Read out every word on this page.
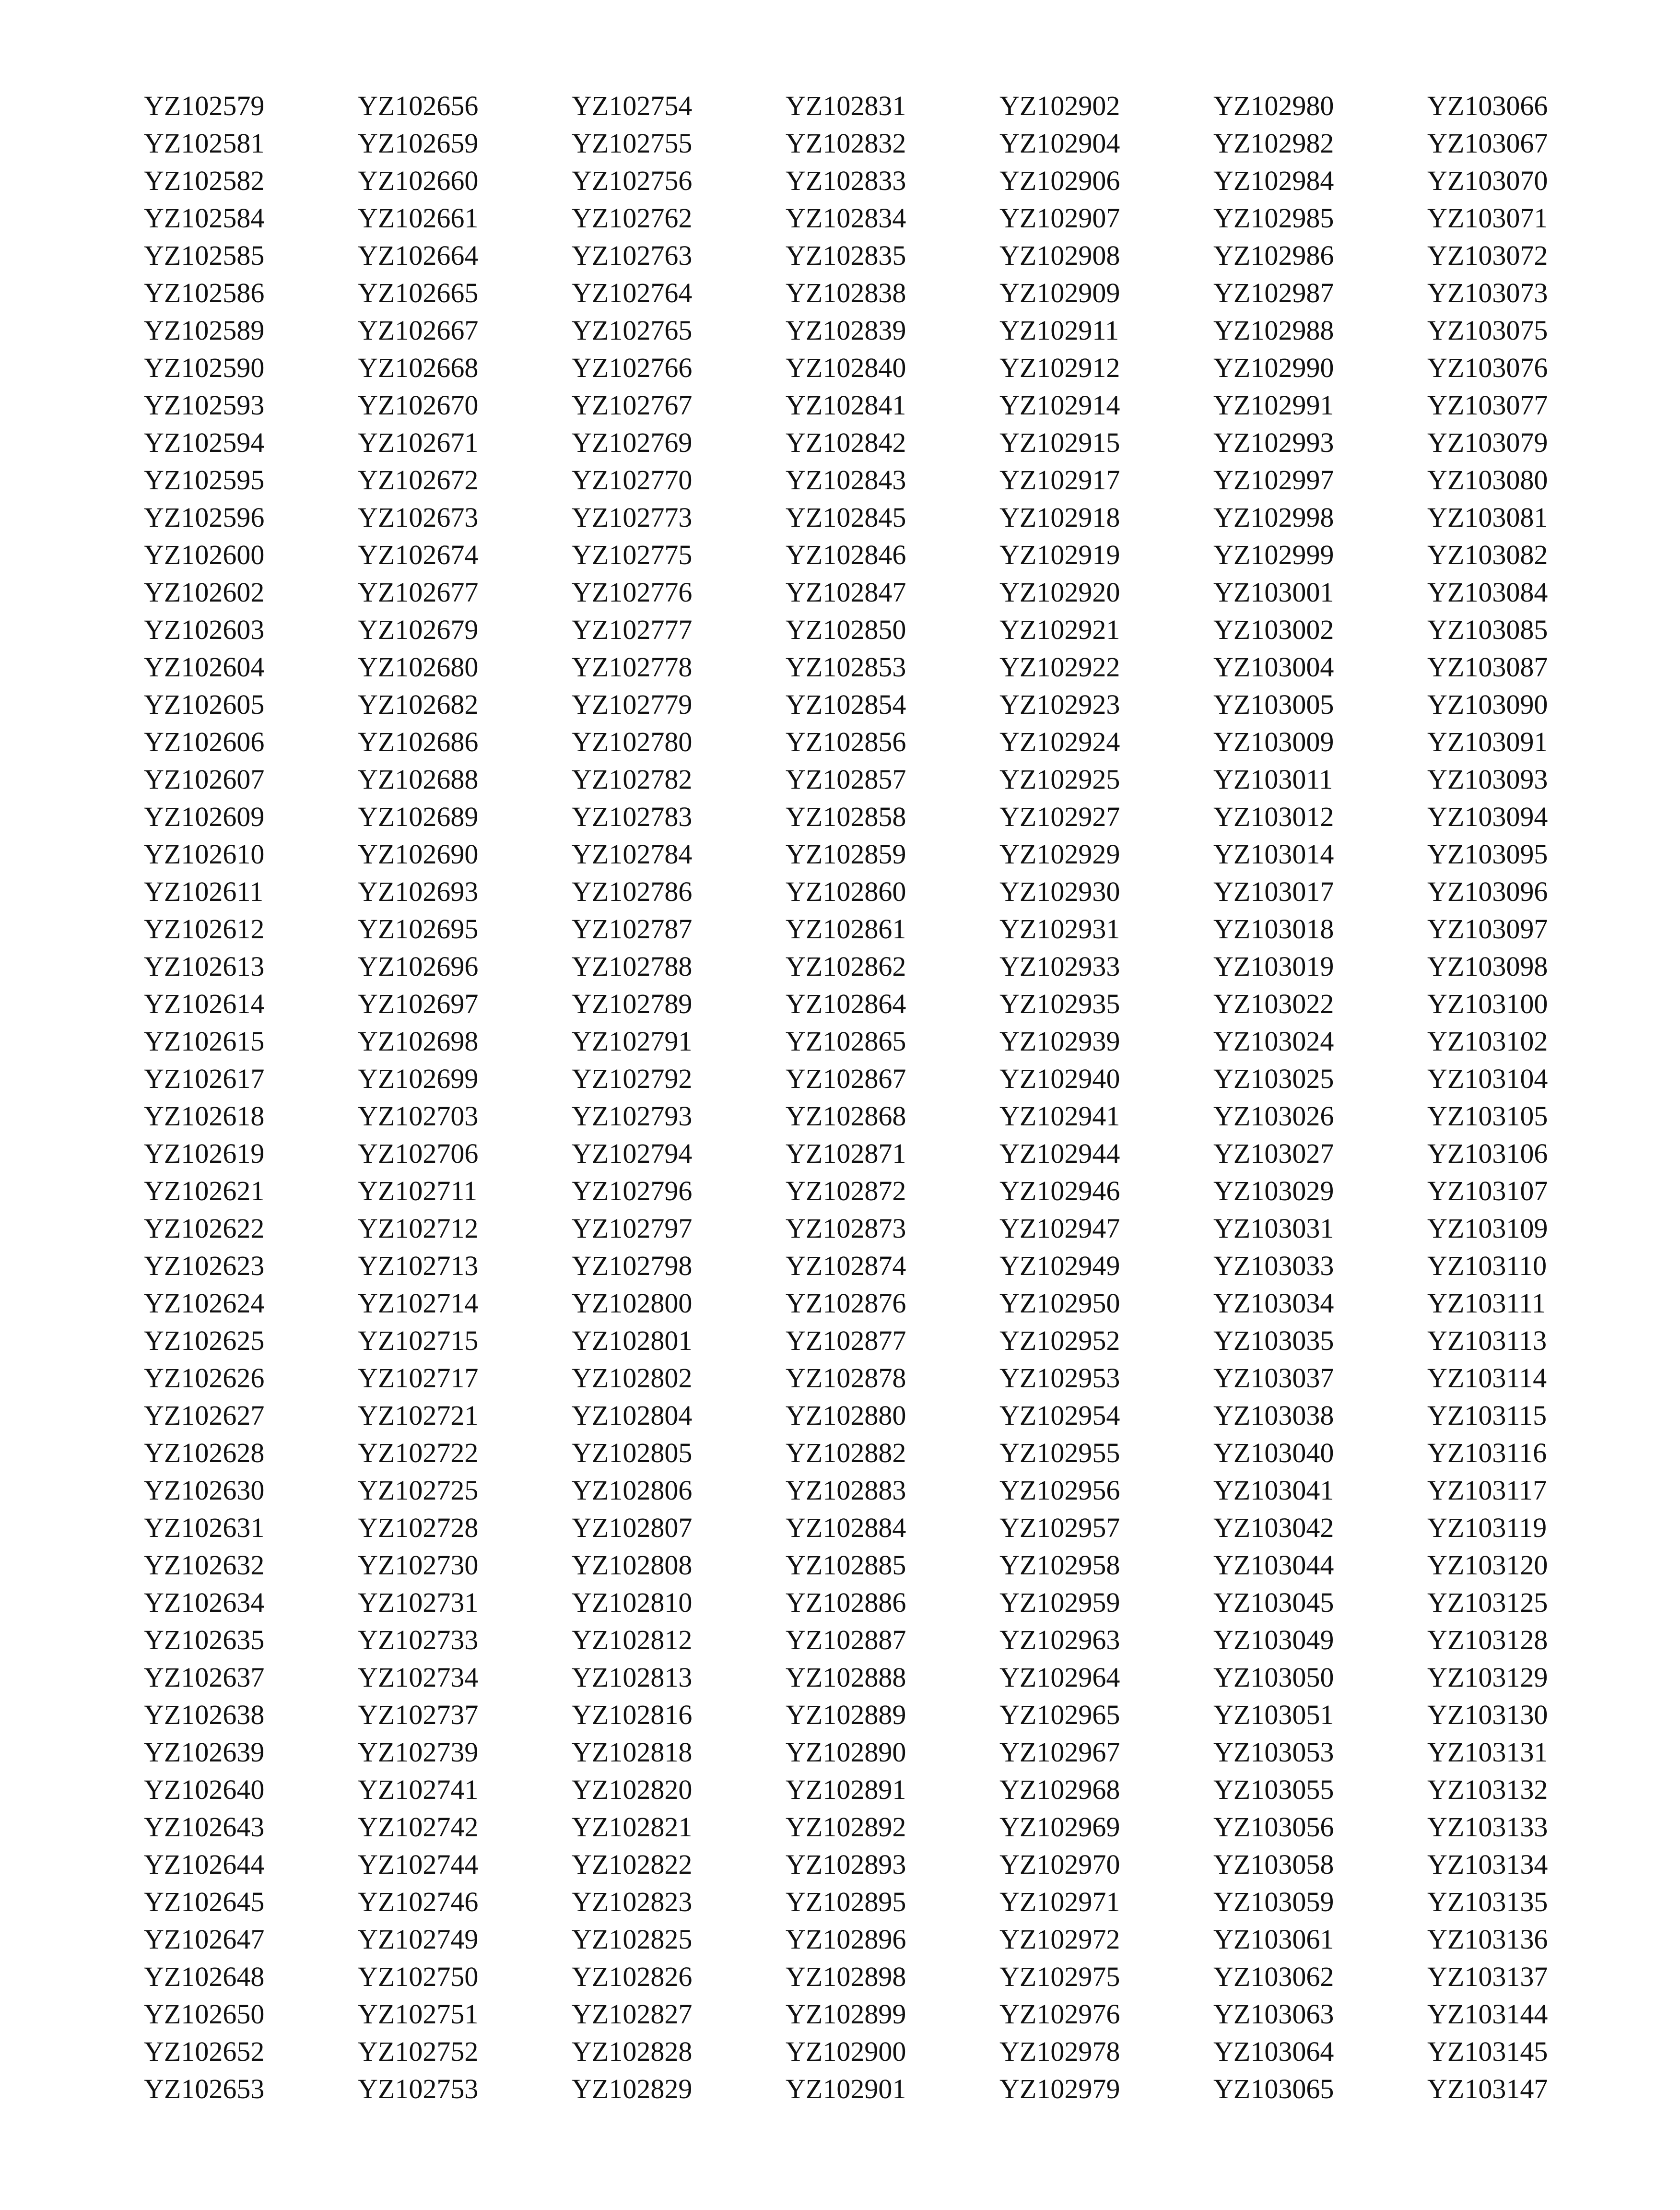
YZ102579
YZ102581
YZ102582
YZ102584
YZ102585
YZ102586
YZ102589
YZ102590
YZ102593
YZ102594
YZ102595
YZ102596
YZ102600
YZ102602
YZ102603
YZ102604
YZ102605
YZ102606
YZ102607
YZ102609
YZ102610
YZ102611
YZ102612
YZ102613
YZ102614
YZ102615
YZ102617
YZ102618
YZ102619
YZ102621
YZ102622
YZ102623
YZ102624
YZ102625
YZ102626
YZ102627
YZ102628
YZ102630
YZ102631
YZ102632
YZ102634
YZ102635
YZ102637
YZ102638
YZ102639
YZ102640
YZ102643
YZ102644
YZ102645
YZ102647
YZ102648
YZ102650
YZ102652
YZ102653
YZ102656
YZ102659
YZ102660
YZ102661
YZ102664
YZ102665
YZ102667
YZ102668
YZ102670
YZ102671
YZ102672
YZ102673
YZ102674
YZ102677
YZ102679
YZ102680
YZ102682
YZ102686
YZ102688
YZ102689
YZ102690
YZ102693
YZ102695
YZ102696
YZ102697
YZ102698
YZ102699
YZ102703
YZ102706
YZ102711
YZ102712
YZ102713
YZ102714
YZ102715
YZ102717
YZ102721
YZ102722
YZ102725
YZ102728
YZ102730
YZ102731
YZ102733
YZ102734
YZ102737
YZ102739
YZ102741
YZ102742
YZ102744
YZ102746
YZ102749
YZ102750
YZ102751
YZ102752
YZ102753
YZ102754
YZ102755
YZ102756
YZ102762
YZ102763
YZ102764
YZ102765
YZ102766
YZ102767
YZ102769
YZ102770
YZ102773
YZ102775
YZ102776
YZ102777
YZ102778
YZ102779
YZ102780
YZ102782
YZ102783
YZ102784
YZ102786
YZ102787
YZ102788
YZ102789
YZ102791
YZ102792
YZ102793
YZ102794
YZ102796
YZ102797
YZ102798
YZ102800
YZ102801
YZ102802
YZ102804
YZ102805
YZ102806
YZ102807
YZ102808
YZ102810
YZ102812
YZ102813
YZ102816
YZ102818
YZ102820
YZ102821
YZ102822
YZ102823
YZ102825
YZ102826
YZ102827
YZ102828
YZ102829
YZ102831
YZ102832
YZ102833
YZ102834
YZ102835
YZ102838
YZ102839
YZ102840
YZ102841
YZ102842
YZ102843
YZ102845
YZ102846
YZ102847
YZ102850
YZ102853
YZ102854
YZ102856
YZ102857
YZ102858
YZ102859
YZ102860
YZ102861
YZ102862
YZ102864
YZ102865
YZ102867
YZ102868
YZ102871
YZ102872
YZ102873
YZ102874
YZ102876
YZ102877
YZ102878
YZ102880
YZ102882
YZ102883
YZ102884
YZ102885
YZ102886
YZ102887
YZ102888
YZ102889
YZ102890
YZ102891
YZ102892
YZ102893
YZ102895
YZ102896
YZ102898
YZ102899
YZ102900
YZ102901
YZ102902
YZ102904
YZ102906
YZ102907
YZ102908
YZ102909
YZ102911
YZ102912
YZ102914
YZ102915
YZ102917
YZ102918
YZ102919
YZ102920
YZ102921
YZ102922
YZ102923
YZ102924
YZ102925
YZ102927
YZ102929
YZ102930
YZ102931
YZ102933
YZ102935
YZ102939
YZ102940
YZ102941
YZ102944
YZ102946
YZ102947
YZ102949
YZ102950
YZ102952
YZ102953
YZ102954
YZ102955
YZ102956
YZ102957
YZ102958
YZ102959
YZ102963
YZ102964
YZ102965
YZ102967
YZ102968
YZ102969
YZ102970
YZ102971
YZ102972
YZ102975
YZ102976
YZ102978
YZ102979
YZ102980
YZ102982
YZ102984
YZ102985
YZ102986
YZ102987
YZ102988
YZ102990
YZ102991
YZ102993
YZ102997
YZ102998
YZ102999
YZ103001
YZ103002
YZ103004
YZ103005
YZ103009
YZ103011
YZ103012
YZ103014
YZ103017
YZ103018
YZ103019
YZ103022
YZ103024
YZ103025
YZ103026
YZ103027
YZ103029
YZ103031
YZ103033
YZ103034
YZ103035
YZ103037
YZ103038
YZ103040
YZ103041
YZ103042
YZ103044
YZ103045
YZ103049
YZ103050
YZ103051
YZ103053
YZ103055
YZ103056
YZ103058
YZ103059
YZ103061
YZ103062
YZ103063
YZ103064
YZ103065
YZ103066
YZ103067
YZ103070
YZ103071
YZ103072
YZ103073
YZ103075
YZ103076
YZ103077
YZ103079
YZ103080
YZ103081
YZ103082
YZ103084
YZ103085
YZ103087
YZ103090
YZ103091
YZ103093
YZ103094
YZ103095
YZ103096
YZ103097
YZ103098
YZ103100
YZ103102
YZ103104
YZ103105
YZ103106
YZ103107
YZ103109
YZ103110
YZ103111
YZ103113
YZ103114
YZ103115
YZ103116
YZ103117
YZ103119
YZ103120
YZ103125
YZ103128
YZ103129
YZ103130
YZ103131
YZ103132
YZ103133
YZ103134
YZ103135
YZ103136
YZ103137
YZ103144
YZ103145
YZ103147
